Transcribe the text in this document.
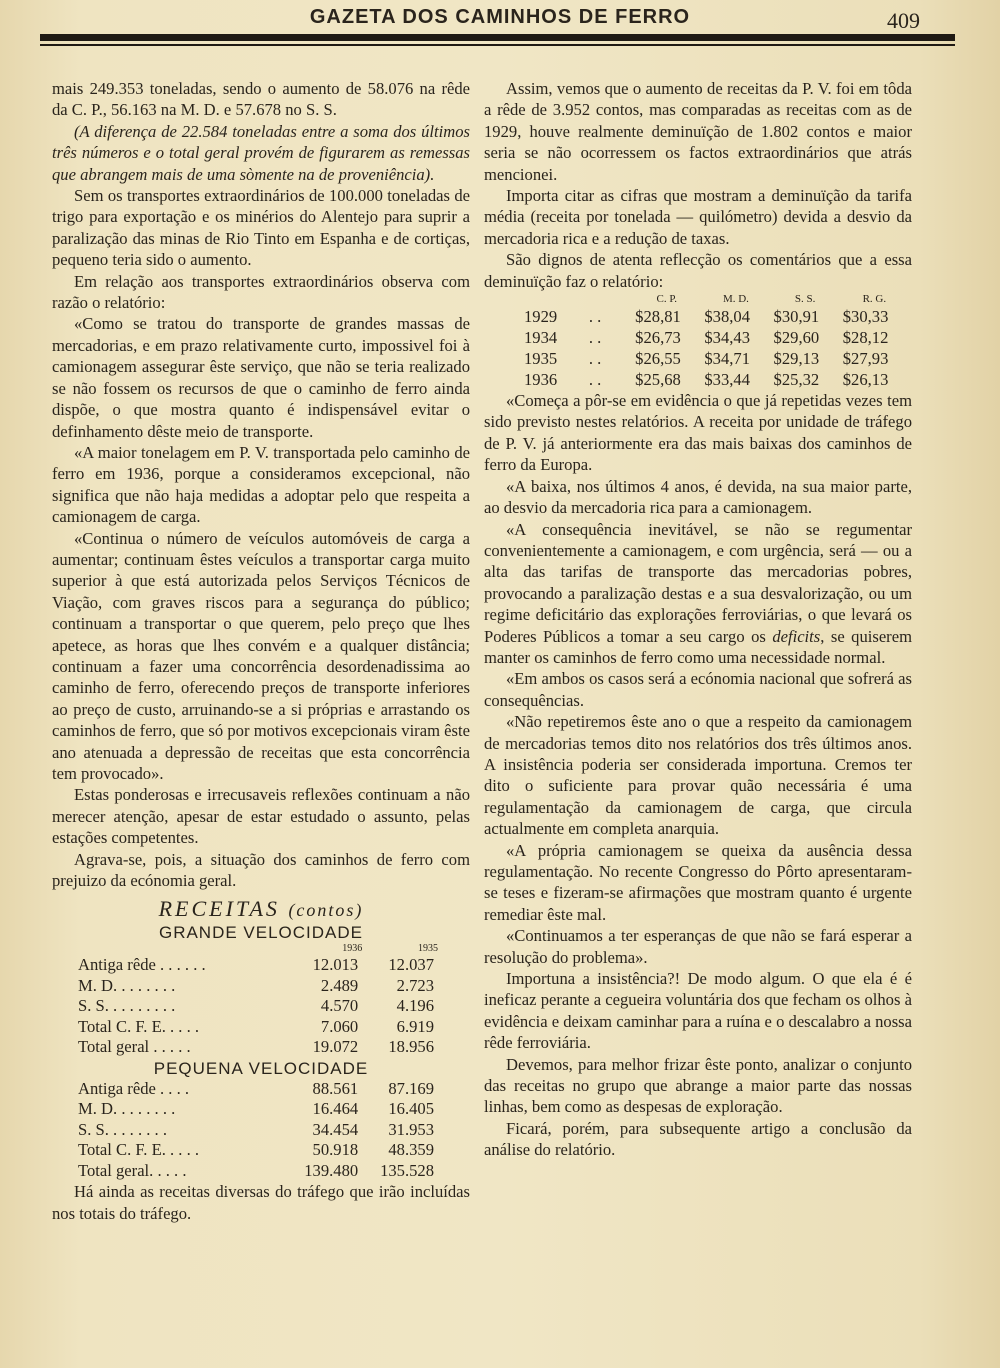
GAZETA DOS CAMINHOS DE FERRO	409

mais 249.353 toneladas, sendo o aumento de 58.076 na rêde da C. P., 56.163 na M. D. e 57.678 no S. S.

(A diferença de 22.584 toneladas entre a soma dos últimos três números e o total geral provém de figurarem as remessas que abrangem mais de uma sòmente na de proveniência).

Sem os transportes extraordinários de 100.000 toneladas de trigo para exportação e os minérios do Alentejo para suprir a paralização das minas de Rio Tinto em Espanha e de cortiças, pequeno teria sido o aumento.

Em relação aos transportes extraordinários observa com razão o relatório:

«Como se tratou do transporte de grandes massas de mercadorias, e em prazo relativamente curto, impossivel foi à camionagem assegurar êste serviço, que não se teria realizado se não fossem os recursos de que o caminho de ferro ainda dispõe, o que mostra quanto é indispensável evitar o definhamento dêste meio de transporte.

«A maior tonelagem em P. V. transportada pelo caminho de ferro em 1936, porque a consideramos excepcional, não significa que não haja medidas a adoptar pelo que respeita a camionagem de carga.

«Continua o número de veículos automóveis de carga a aumentar; continuam êstes veículos a transportar carga muito superior à que está autorizada pelos Serviços Técnicos de Viação, com graves riscos para a segurança do público; continuam a transportar o que querem, pelo preço que lhes apetece, as horas que lhes convém e a qualquer distância; continuam a fazer uma concorrência desordenadissima ao caminho de ferro, oferecendo preços de transporte inferiores ao preço de custo, arruinando-se a si próprias e arrastando os caminhos de ferro, que só por motivos excepcionais viram êste ano atenuada a depressão de receitas que esta concorrência tem provocado».

Estas ponderosas e irrecusaveis reflexões continuam a não merecer atenção, apesar de estar estudado o assunto, pelas estações competentes.

Agrava-se, pois, a situação dos caminhos de ferro com prejuizo da ecónomia geral.

RECEITAS (contos)
GRANDE VELOCIDADE
	1936	1935
Antiga rêde . . . . . .	12.013	12.037
M. D. . . . . . . .	2.489	2.723
S. S. . . . . . . . .	4.570	4.196
Total C. F. E. . . . .	7.060	6.919
Total geral . . . . .	19.072	18.956
PEQUENA VELOCIDADE
Antiga rêde . . . .	88.561	87.169
M. D. . . . . . . .	16.464	16.405
S. S. . . . . . . .	34.454	31.953
Total C. F. E. . . . .	50.918	48.359
Total geral. . . . .	139.480	135.528

Há ainda as receitas diversas do tráfego que irão incluídas nos totais do tráfego.

Assim, vemos que o aumento de receitas da P. V. foi em tôda a rêde de 3.952 contos, mas comparadas as receitas com as de 1929, houve realmente deminuïção de 1.802 contos e maior seria se não ocorressem os factos extraordinários que atrás mencionei.

Importa citar as cifras que mostram a deminuïção da tarifa média (receita por tonelada — quilómetro) devida a desvio da mercadoria rica e a redução de taxas.

São dignos de atenta reflecção os comentários que a essa deminuïção faz o relatório:

		C. P.	M. D.	S. S.	R. G.
1929	. .	$28,81	$38,04	$30,91	$30,33
1934	. .	$26,73	$34,43	$29,60	$28,12
1935	. .	$26,55	$34,71	$29,13	$27,93
1936	. .	$25,68	$33,44	$25,32	$26,13

«Começa a pôr-se em evidência o que já repetidas vezes tem sido previsto nestes relatórios. A receita por unidade de tráfego de P. V. já anteriormente era das mais baixas dos caminhos de ferro da Europa.

«A baixa, nos últimos 4 anos, é devida, na sua maior parte, ao desvio da mercadoria rica para a camionagem.

«A consequência inevitável, se não se regumentar convenientemente a camionagem, e com urgência, será — ou a alta das tarifas de transporte das mercadorias pobres, provocando a paralização destas e a sua desvalorização, ou um regime deficitário das explorações ferroviárias, o que levará os Poderes Públicos a tomar a seu cargo os deficits, se quiserem manter os caminhos de ferro como uma necessidade normal.

«Em ambos os casos será a ecónomia nacional que sofrerá as consequências.

«Não repetiremos êste ano o que a respeito da camionagem de mercadorias temos dito nos relatórios dos três últimos anos. A insistência poderia ser considerada importuna. Cremos ter dito o suficiente para provar quão necessária é uma regulamentação da camionagem de carga, que circula actualmente em completa anarquia.

«A própria camionagem se queixa da ausência dessa regulamentação. No recente Congresso do Pôrto apresentaram-se teses e fizeram-se afirmações que mostram quanto é urgente remediar êste mal.

«Continuamos a ter esperanças de que não se fará esperar a resolução do problema».

Importuna a insistência?! De modo algum. O que ela é é ineficaz perante a cegueira voluntária dos que fecham os olhos à evidência e deixam caminhar para a ruína e o descalabro a nossa rêde ferroviária.

Devemos, para melhor frizar êste ponto, analizar o conjunto das receitas no grupo que abrange a maior parte das nossas linhas, bem como as despesas de exploração.

Ficará, porém, para subsequente artigo a conclusão da análise do relatório.
